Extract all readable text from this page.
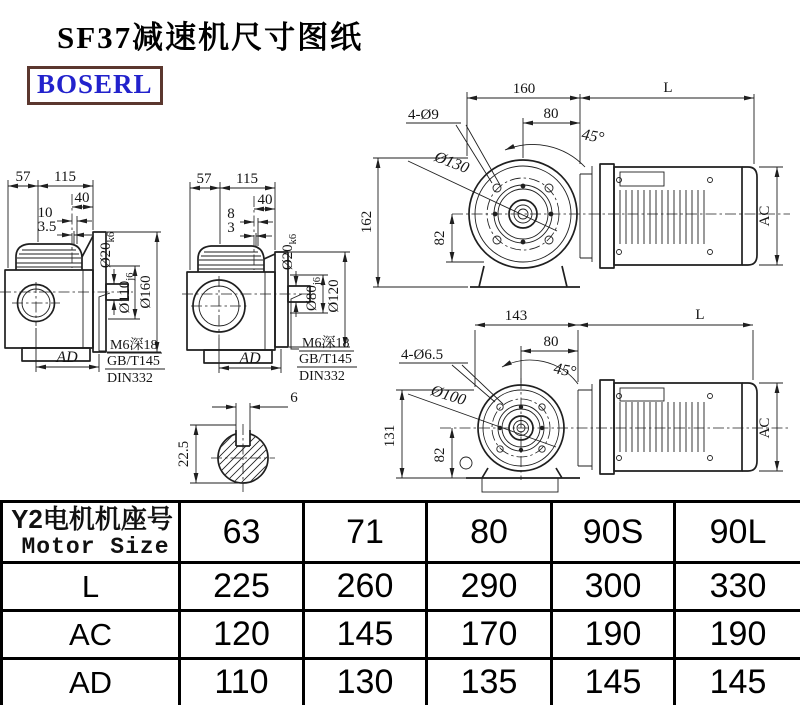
SF37减速机尺寸图纸
BOSERL
57 115
40
10
3.5
$Ø20_{k6}$
$Ø110_{j6}$ Ø160
AD
M6深18
GB/T145
DIN332
57 115
40
8
3
$Ø20_{k6}$
$Ø80_{j6}$ Ø120
AD
M6深18
GB/T145
DIN332
160	L
80
4-Ø9
45°
Ø130
162
82
AC
143	L
80
4-Ø6.5
45°
Ø100
131
82
AC
6
22.5
Y2电机机座号
Motor Size	63	71	80	90S	90L
L	225	260	290	300	330
AC	120	145	170	190	190
AD	110	130	135	145	145
